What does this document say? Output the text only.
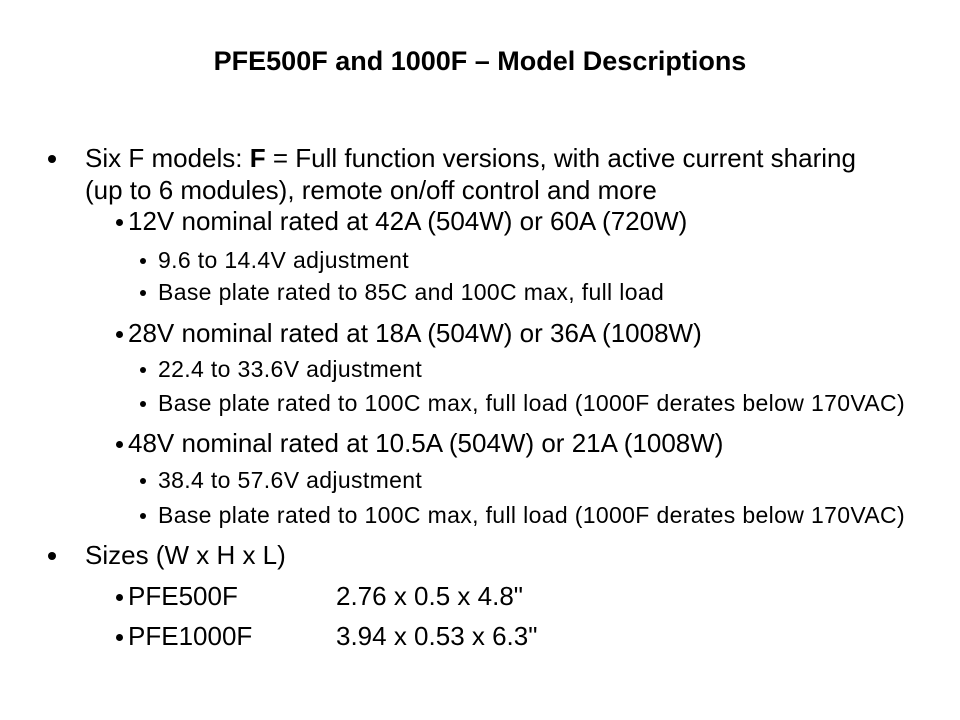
PFE500F and 1000F – Model Descriptions

Six F models: F = Full function versions, with active current sharing (up to 6 modules), remote on/off control and more

12V nominal rated at 42A (504W) or 60A (720W)

9.6 to 14.4V adjustment

Base plate rated to 85C and 100C max, full load

28V nominal rated at 18A (504W) or 36A (1008W)

22.4 to 33.6V adjustment

Base plate rated to 100C max, full load (1000F derates below 170VAC)

48V nominal rated at 10.5A (504W) or 21A (1008W)

38.4 to 57.6V adjustment

Base plate rated to 100C max, full load (1000F derates below 170VAC)

Sizes (W x H x L)

PFE500F	2.76 x 0.5 x 4.8"

PFE1000F	3.94 x 0.53 x 6.3"
